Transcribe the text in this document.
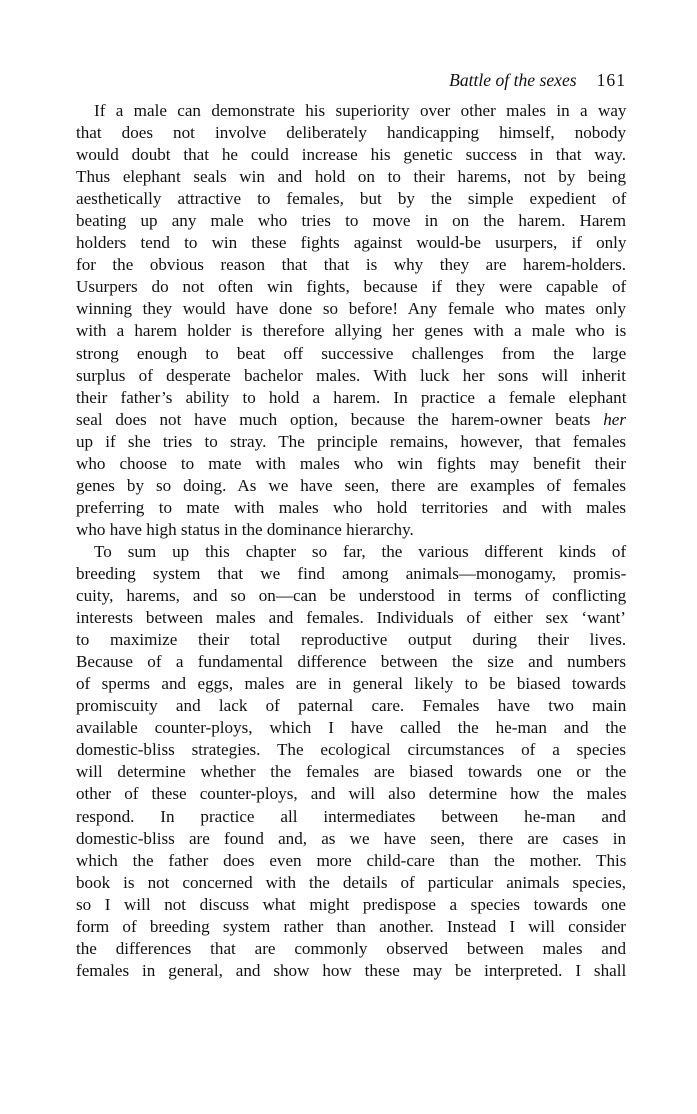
Battle of the sexes 161
If a male can demonstrate his superiority over other males in a way
that does not involve deliberately handicapping himself, nobody
would doubt that he could increase his genetic success in that way.
Thus elephant seals win and hold on to their harems, not by being
aesthetically attractive to females, but by the simple expedient of
beating up any male who tries to move in on the harem. Harem
holders tend to win these fights against would-be usurpers, if only
for the obvious reason that that is why they are harem-holders.
Usurpers do not often win fights, because if they were capable of
winning they would have done so before! Any female who mates only
with a harem holder is therefore allying her genes with a male who is
strong enough to beat off successive challenges from the large
surplus of desperate bachelor males. With luck her sons will inherit
their father’s ability to hold a harem. In practice a female elephant
seal does not have much option, because the harem-owner beats her
up if she tries to stray. The principle remains, however, that females
who choose to mate with males who win fights may benefit their
genes by so doing. As we have seen, there are examples of females
preferring to mate with males who hold territories and with males
who have high status in the dominance hierarchy.
To sum up this chapter so far, the various different kinds of
breeding system that we find among animals—monogamy, promis-
cuity, harems, and so on—can be understood in terms of conflicting
interests between males and females. Individuals of either sex ‘want’
to maximize their total reproductive output during their lives.
Because of a fundamental difference between the size and numbers
of sperms and eggs, males are in general likely to be biased towards
promiscuity and lack of paternal care. Females have two main
available counter-ploys, which I have called the he-man and the
domestic-bliss strategies. The ecological circumstances of a species
will determine whether the females are biased towards one or the
other of these counter-ploys, and will also determine how the males
respond. In practice all intermediates between he-man and
domestic-bliss are found and, as we have seen, there are cases in
which the father does even more child-care than the mother. This
book is not concerned with the details of particular animals species,
so I will not discuss what might predispose a species towards one
form of breeding system rather than another. Instead I will consider
the differences that are commonly observed between males and
females in general, and show how these may be interpreted. I shall
